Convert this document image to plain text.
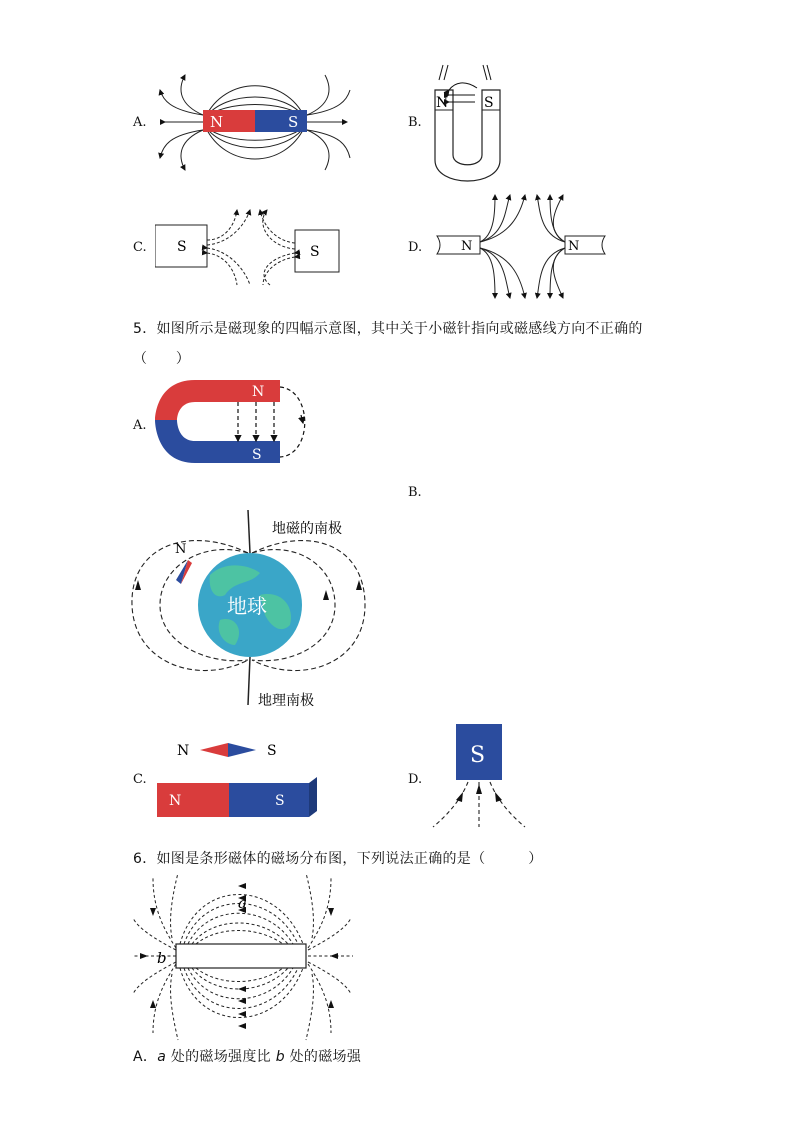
A.	N	S	B.
N	S
C. S	S	D.	N	N
5．如图所示是磁现象的四幅示意图，其中关于小磁针指向或磁感线方向不正确的
（　　）
A.
N
S
B.
地球
地磁的南极
地理南极
N
C.
N	S
N	S
D.
S
6．如图是条形磁体的磁场分布图，下列说法正确的是（　　　）
a
b
A．a 处的磁场强度比 b 处的磁场强
